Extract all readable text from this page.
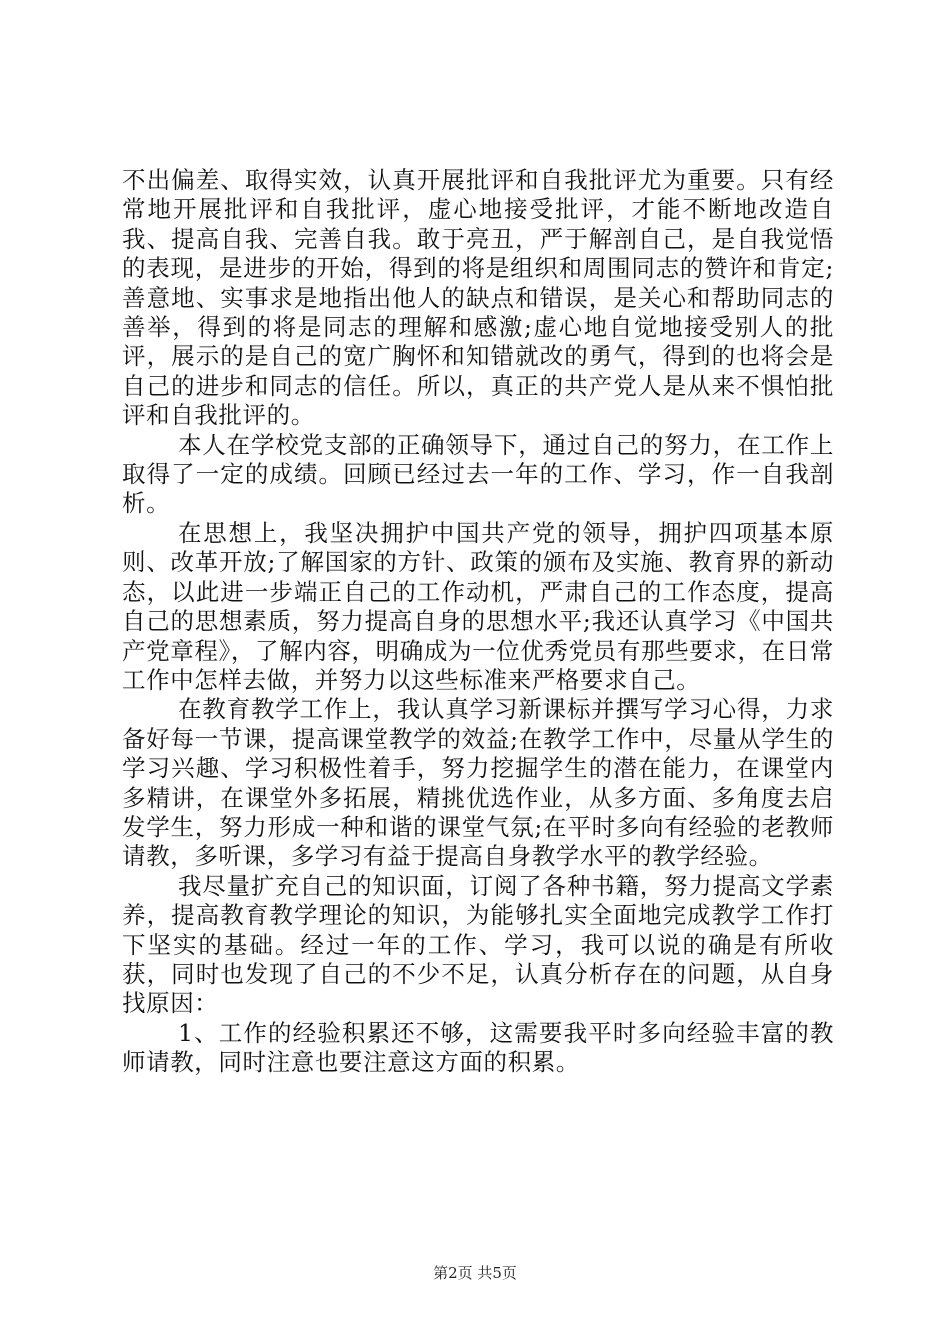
不出偏差、取得实效，认真开展批评和自我批评尤为重要。只有经常地开展批评和自我批评，虚心地接受批评，才能不断地改造自我、提高自我、完善自我。敢于亮丑，严于解剖自己，是自我觉悟的表现，是进步的开始，得到的将是组织和周围同志的赞许和肯定;善意地、实事求是地指出他人的缺点和错误，是关心和帮助同志的善举，得到的将是同志的理解和感激;虚心地自觉地接受别人的批评，展示的是自己的宽广胸怀和知错就改的勇气，得到的也将会是自己的进步和同志的信任。所以，真正的共产党人是从来不惧怕批评和自我批评的。

本人在学校党支部的正确领导下，通过自己的努力，在工作上取得了一定的成绩。回顾已经过去一年的工作、学习，作一自我剖析。

在思想上，我坚决拥护中国共产党的领导，拥护四项基本原则、改革开放;了解国家的方针、政策的颁布及实施、教育界的新动态，以此进一步端正自己的工作动机，严肃自己的工作态度，提高自己的思想素质，努力提高自身的思想水平;我还认真学习《中国共产党章程》，了解内容，明确成为一位优秀党员有那些要求，在日常工作中怎样去做，并努力以这些标准来严格要求自己。

在教育教学工作上，我认真学习新课标并撰写学习心得，力求备好每一节课，提高课堂教学的效益;在教学工作中，尽量从学生的学习兴趣、学习积极性着手，努力挖掘学生的潜在能力，在课堂内多精讲，在课堂外多拓展，精挑优选作业，从多方面、多角度去启发学生，努力形成一种和谐的课堂气氛;在平时多向有经验的老教师请教，多听课，多学习有益于提高自身教学水平的教学经验。

我尽量扩充自己的知识面，订阅了各种书籍，努力提高文学素养，提高教育教学理论的知识，为能够扎实全面地完成教学工作打下坚实的基础。经过一年的工作、学习，我可以说的确是有所收获，同时也发现了自己的不少不足，认真分析存在的问题，从自身找原因：

1、工作的经验积累还不够，这需要我平时多向经验丰富的教师请教，同时注意也要注意这方面的积累。

第2页 共5页
